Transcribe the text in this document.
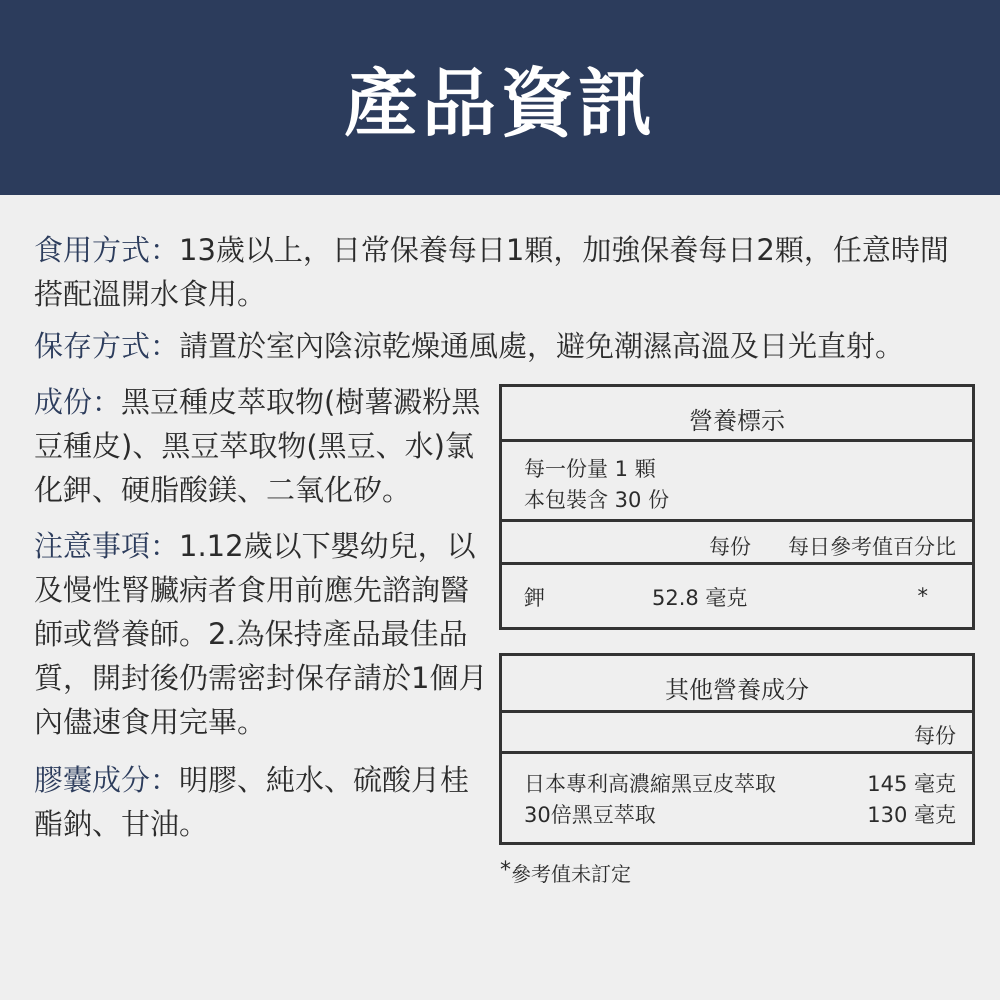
產品資訊
食用方式：13歲以上，日常保養每日1顆，加強保養每日2顆，任意時間搭配溫開水食用。
保存方式：請置於室內陰涼乾燥通風處，避免潮濕高溫及日光直射。
成份：黑豆種皮萃取物(樹薯澱粉黑豆種皮)、黑豆萃取物(黑豆、水)氯化鉀、硬脂酸鎂、二氧化矽。
注意事項：1.12歲以下嬰幼兒，以及慢性腎臟病者食用前應先諮詢醫師或營養師。2.為保持產品最佳品質，開封後仍需密封保存請於1個月內儘速食用完畢。
膠囊成分：明膠、純水、硫酸月桂酯鈉、甘油。
營養標示
每一份量 1 顆
本包裝含 30 份
每份 每日參考值百分比
鉀	52.8 毫克	*
其他營養成分
每份
日本專利高濃縮黑豆皮萃取	145 毫克
30倍黑豆萃取	130 毫克
*參考值未訂定
